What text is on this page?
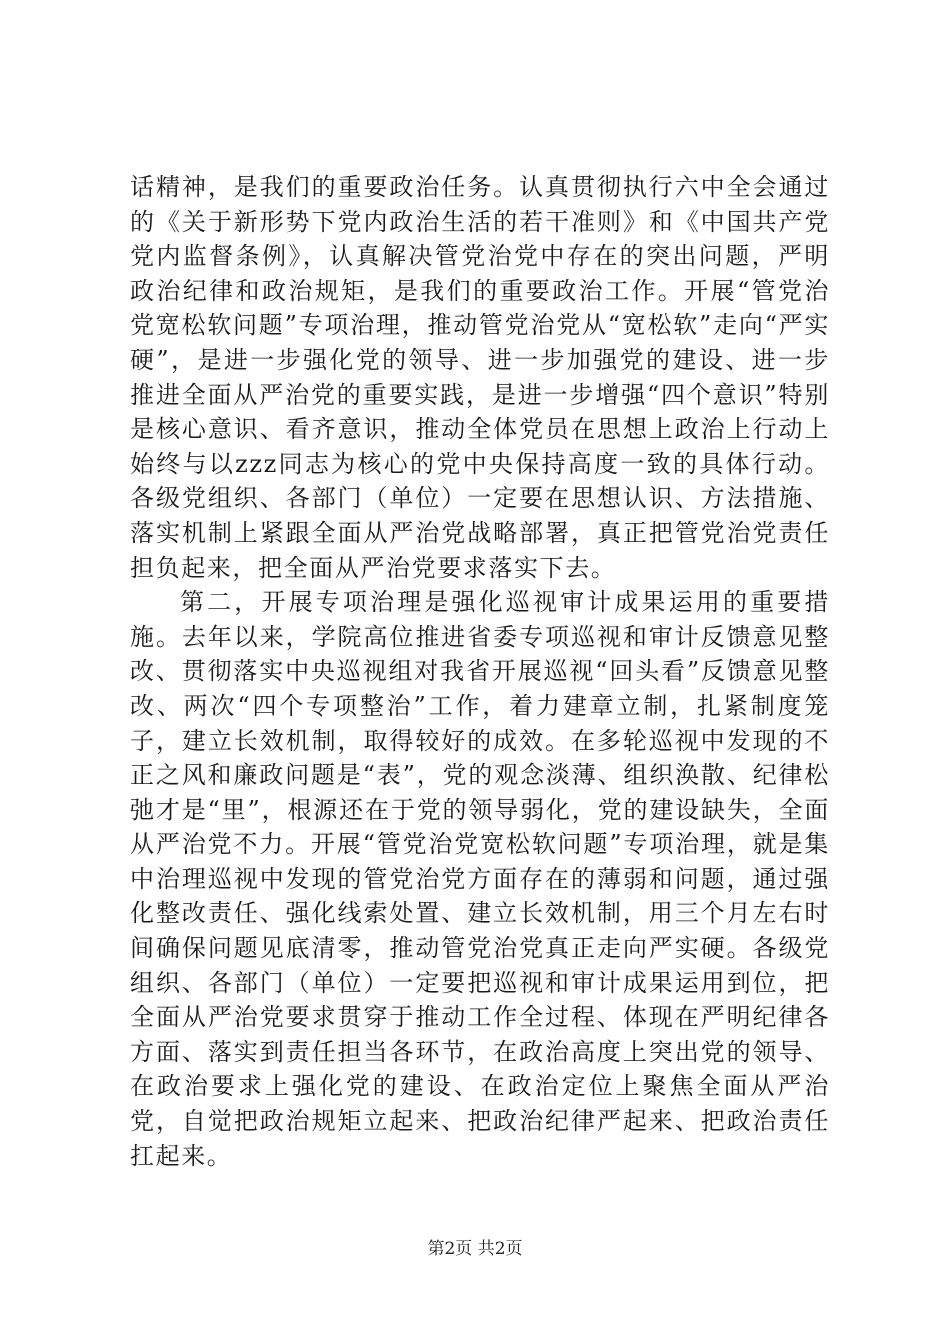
话精神，是我们的重要政治任务。认真贯彻执行六中全会通过的《关于新形势下党内政治生活的若干准则》和《中国共产党党内监督条例》，认真解决管党治党中存在的突出问题，严明政治纪律和政治规矩，是我们的重要政治工作。开展“管党治党宽松软问题”专项治理，推动管党治党从“宽松软”走向“严实硬”，是进一步强化党的领导、进一步加强党的建设、进一步推进全面从严治党的重要实践，是进一步增强“四个意识”特别是核心意识、看齐意识，推动全体党员在思想上政治上行动上始终与以zzz同志为核心的党中央保持高度一致的具体行动。各级党组织、各部门（单位）一定要在思想认识、方法措施、落实机制上紧跟全面从严治党战略部署，真正把管党治党责任担负起来，把全面从严治党要求落实下去。

第二，开展专项治理是强化巡视审计成果运用的重要措施。去年以来，学院高位推进省委专项巡视和审计反馈意见整改、贯彻落实中央巡视组对我省开展巡视“回头看”反馈意见整改、两次“四个专项整治”工作，着力建章立制，扎紧制度笼子，建立长效机制，取得较好的成效。在多轮巡视中发现的不正之风和廉政问题是“表”，党的观念淡薄、组织涣散、纪律松弛才是“里”，根源还在于党的领导弱化，党的建设缺失，全面从严治党不力。开展“管党治党宽松软问题”专项治理，就是集中治理巡视中发现的管党治党方面存在的薄弱和问题，通过强化整改责任、强化线索处置、建立长效机制，用三个月左右时间确保问题见底清零，推动管党治党真正走向严实硬。各级党组织、各部门（单位）一定要把巡视和审计成果运用到位，把全面从严治党要求贯穿于推动工作全过程、体现在严明纪律各方面、落实到责任担当各环节，在政治高度上突出党的领导、在政治要求上强化党的建设、在政治定位上聚焦全面从严治党，自觉把政治规矩立起来、把政治纪律严起来、把政治责任扛起来。

第2页 共2页
